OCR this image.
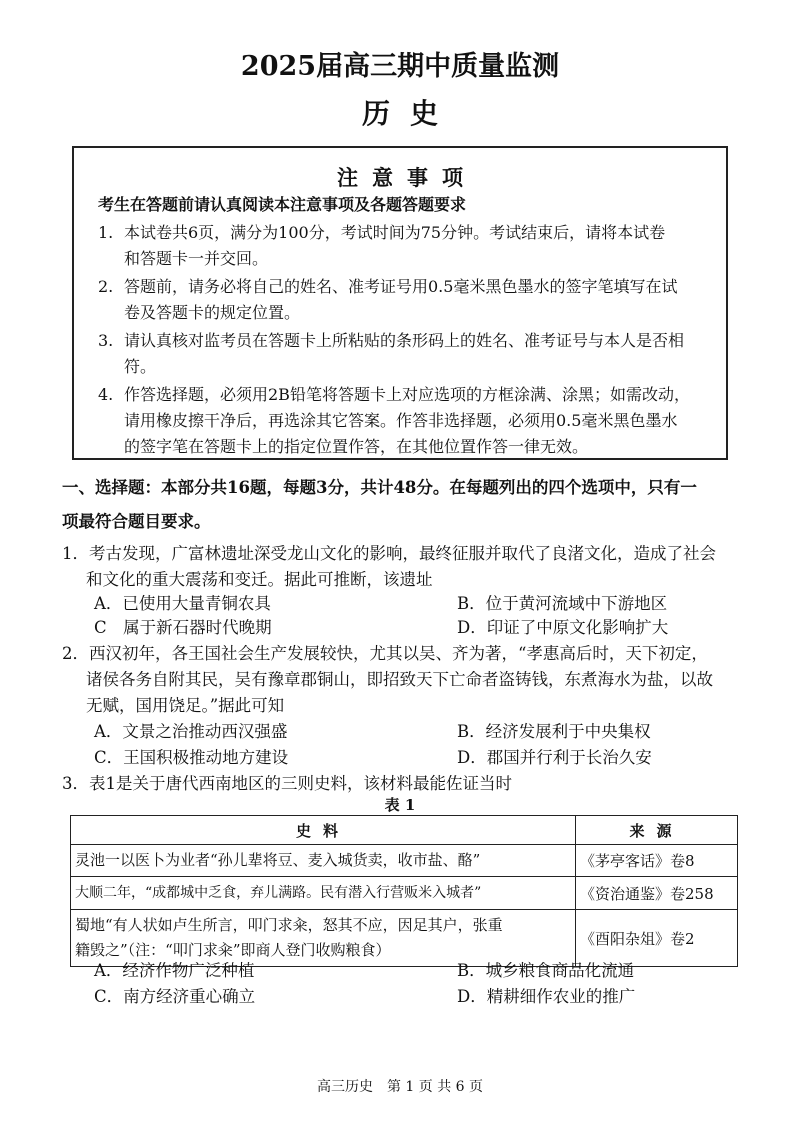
2025届高三期中质量监测
历史
注意事项
考生在答题前请认真阅读本注意事项及各题答题要求
1. 本试卷共6页，满分为100分，考试时间为75分钟。考试结束后，请将本试卷
和答题卡一并交回。
2. 答题前，请务必将自己的姓名、准考证号用0.5毫米黑色墨水的签字笔填写在试
卷及答题卡的规定位置。
3. 请认真核对监考员在答题卡上所粘贴的条形码上的姓名、准考证号与本人是否相
符。
4. 作答选择题，必须用2B铅笔将答题卡上对应选项的方框涂满、涂黑；如需改动，
请用橡皮擦干净后，再选涂其它答案。作答非选择题，必须用0.5毫米黑色墨水
的签字笔在答题卡上的指定位置作答，在其他位置作答一律无效。
一、选择题：本部分共16题，每题3分，共计48分。在每题列出的四个选项中，只有一
项最符合题目要求。
1．考古发现，广富林遗址深受龙山文化的影响，最终征服并取代了良渚文化，造成了社会
和文化的重大震荡和变迁。据此可推断，该遗址
A．已使用大量青铜农具	B．位于黄河流域中下游地区
C　属于新石器时代晚期	D．印证了中原文化影响扩大
2．西汉初年，各王国社会生产发展较快，尤其以吴、齐为著，“孝惠高后时，天下初定，
诸侯各务自附其民，吴有豫章郡铜山，即招致天下亡命者盗铸钱，东煮海水为盐，以故
无赋，国用饶足。”据此可知
A．文景之治推动西汉强盛	B．经济发展利于中央集权
C．王国积极推动地方建设	D．郡国并行利于长治久安
3．表1是关于唐代西南地区的三则史料，该材料最能佐证当时
表 1
史料	来源
灵池一以医卜为业者“孙儿辈将豆、麦入城货卖，收市盐、酪”	《茅亭客话》卷8
大顺二年，“成都城中乏食，弃儿满路。民有潜入行营贩米入城者”	《资治通鉴》卷258

蜀地“有人状如卢生所言，叩门求籴，怒其不应，因足其户，张重
籍毁之”（注：“叩门求籴”即商人登门收购粮食）	《酉阳杂俎》卷2
A．经济作物广泛种植	B．城乡粮食商品化流通
C．南方经济重心确立	D．精耕细作农业的推广
高三历史　第 1 页 共 6 页
